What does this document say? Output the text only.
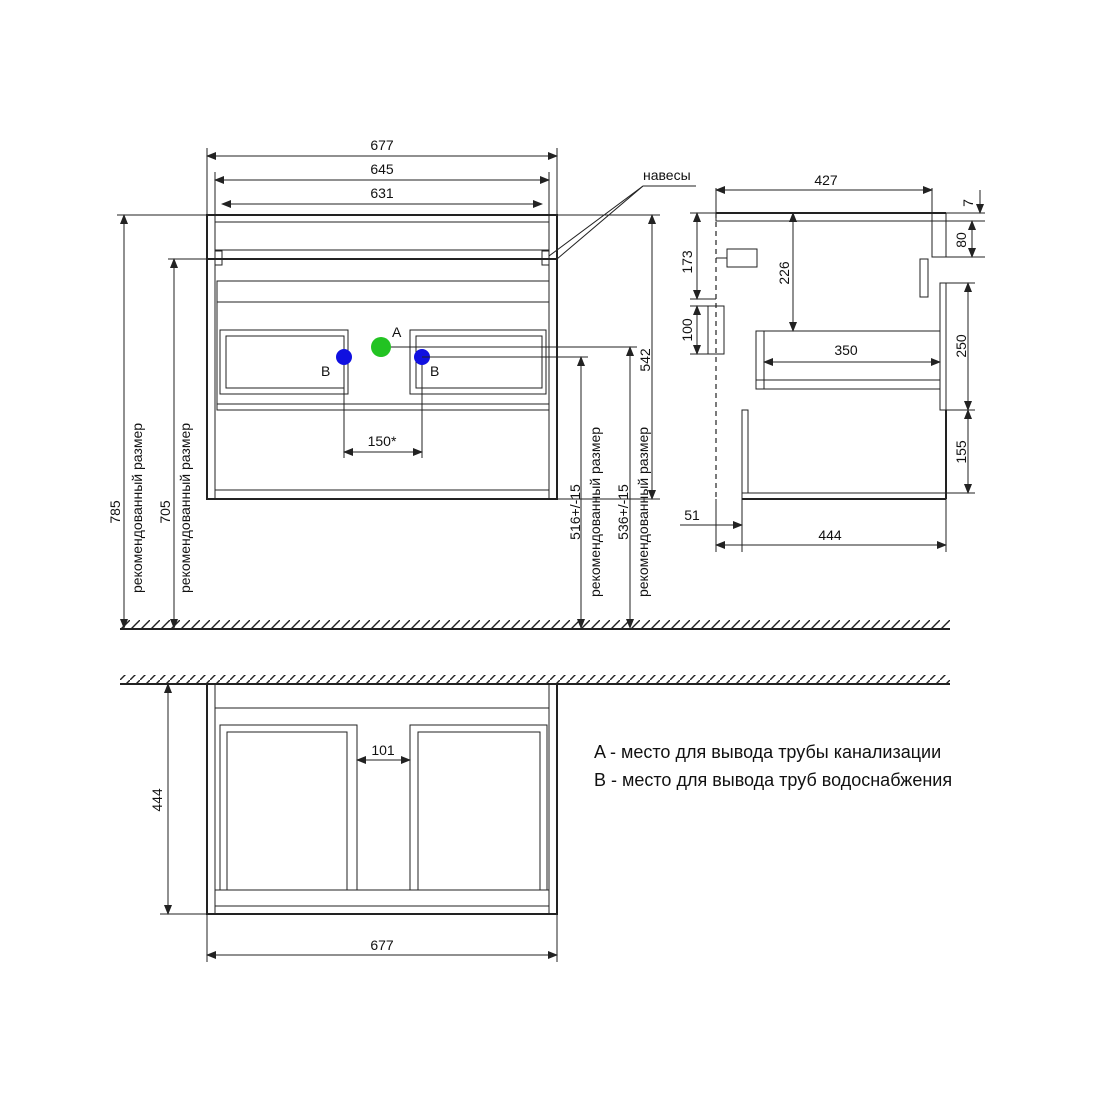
A
B	B
677
645
631
навесы
150*
785 рекомендованный размер 705 рекомендованный размер	516+/-15 рекомендованный размер 536+/-15 рекомендованный размер
542
427
7
80
173	226
100
350	250
155
51
444
101
444
677
A - место для вывода трубы канализации
B - место для вывода труб водоснабжения
